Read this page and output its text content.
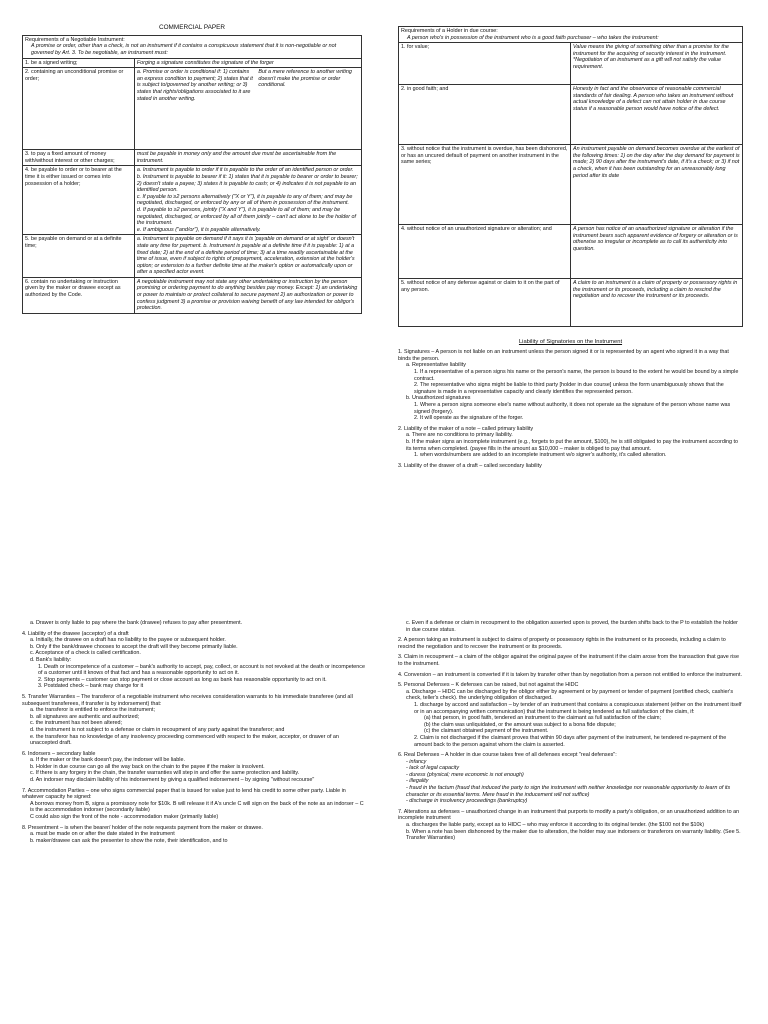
COMMERCIAL PAPER
Requirements of a Negotiable Instrument:
A promise or order, other than a check, is not an instrument if it contains a conspicuous statement that it is non-negotiable or not governed by Art. 3. To be negotiable, an instrument must:		

1. be a signed writing;	Forging a signature constitutes the signature of the forger	
2. containing an unconditional promise or order;	a. Promise or order is conditional if: 1) contains an express condition to payment; 2) states that it is subject to/governed by another writing; or 3) states that rights/obligations associated to it are stated in another writing.	But a mere reference to another writing doesn't make the promise or order conditional.
3. to pay a fixed amount of money with/without interest or other charges;	must be payable in money only and the amount due must be ascertainable from the instrument.	
4. be payable to order or to bearer at the time it is either issued or comes into possession of a holder;	a. Instrument is payable to order if it is payable to the order of an identified person or order.
b. Instrument is payable to bearer if it: 1) states that it is payable to bearer or order to bearer; 2) doesn't state a payee; 3) states it is payable to cash; or 4) indicates it is not payable to an identified person.
c. If payable to ≥2 persons alternatively ("X or Y"), it is payable to any of them; and may be negotiated, discharged, or enforced by any or all of them in possession of the instrument.
d. If payable to ≥2 persons, jointly ("X and Y"), it is payable to all of them; and may be negotiated, discharged, or enforced by all of them jointly – can't act alone to be the holder of the instrument.
e. If ambiguous ("and/or"), it is payable alternatively.	

5. be payable on demand or at a definite time;	a. Instrument is payable on demand if it says it is 'payable on demand or at sight' or doesn't state any time for payment. b. Instrument is payable at a definite time if it is payable: 1) at a fixed date; 2) at the end of a definite period of time; 3) at a time readily ascertainable at the time of issue, even if subject to rights of prepayment, acceleration, extension at the holder's option; or extension to a further definite time at the maker's option or automatically upon or after a specified actor event.	
6. contain no undertaking or instruction given by the maker or drawee except as authorized by the Code.	A negotiable instrument may not state any other undertaking or instruction by the person promising or ordering payment to do anything besides pay money. Except: 1) an undertaking or power to maintain or protect collateral to secure payment 2) an authorization or power to confess judgment 3) a promise or provision waiving benefit of any law intended for obligor's protection.	
Requirements of a Holder in due course:
A person who's in possession of the instrument who is a good faith purchaser – who takes the instrument:	

1. for value;	Value means the giving of something other than a promise for the instrument for the acquiring of security interest in the instrument. *Negotiation of an instrument as a gift will not satisfy the value requirement.
2. in good faith; and	Honesty in fact and the observance of reasonable commercial standards of fair dealing. A person who takes an instrument without actual knowledge of a defect can not attain holder in due course status if a reasonable person would have notice of the defect.
3. without notice that the instrument is overdue, has been dishonored, or has an uncured default of payment on another instrument in the same series;	An instrument payable on demand becomes overdue at the earliest of the following times: 1) on the day after the day demand for payment is made; 2) 90 days after the instrument's date, if it's a check; or 3) if not a check, when it has been outstanding for an unreasonably long period after its date
4. without notice of an unauthorized signature or alteration; and	A person has notice of an unauthorized signature or alteration if the instrument bears such apparent evidence of forgery or alteration or is otherwise so irregular or incomplete as to call its authenticity into question.
5. without notice of any defense against or claim to it on the part of any person.	A claim to an instrument is a claim of property or possessory rights in the instrument or its proceeds, including a claim to rescind the negotiation and to recover the instrument or its proceeds.
Liability of Signatories on the Instrument
1. Signatures – A person is not liable on an instrument unless the person signed it or is represented by an agent who signed it in a way that binds the person.
a. Representative liability
1. If a representative of a person signs his name or the person's name, the person is bound to the extent he would be bound by a simple contract.
2. The representative who signs might be liable to third party [holder in due course] unless the form unambiguously shows that the signature is made in a representative capacity and clearly identifies the represented person.
b. Unauthorized signatures
1. Where a person signs someone else's name without authority, it does not operate as the signature of the person whose name was signed (forgery).
2. It will operate as the signature of the forger.
2. Liability of the maker of a note – called primary liability
a. There are no conditions to primary liability.
b. If the maker signs an incomplete instrument (e.g., forgets to put the amount, $100), he is still obligated to pay the instrument according to its terms when completed. (payee fills in the amount as $10,000 – maker is obliged to pay that amount.
1. when words/numbers are added to an incomplete instrument w/o signer's authority, it's called alteration.
3. Liability of the drawer of a draft – called secondary liability
a. Drawer is only liable to pay where the bank (drawee) refuses to pay after presentment.
4. Liability of the drawee (acceptor) of a draft
a. Initially, the drawee on a draft has no liability to the payee or subsequent holder.
b. Only if the bank/drawee chooses to accept the draft will they become primarily liable.
c. Acceptance of a check is called certification.
d. Bank's liability:
1. Death or incompetence of a customer – bank's authority to accept, pay, collect, or account is not revoked at the death or incompetence of a customer until it knows of that fact and has a reasonable opportunity to act on it.
2. Stop payments – customer can stop payment or close account as long as bank has reasonable opportunity to act on it.
3. Postdated check – bank may charge for it
5. Transfer Warranties – The transferor of a negotiable instrument who receives consideration warrants to his immediate transferee (and all subsequent transferees, if transfer is by indorsement) that:
a. the transferor is entitled to enforce the instrument;
b. all signatures are authentic and authorized;
c. the instrument has not been altered;
d. the instrument is not subject to a defense or claim in recoupment of any party against the transferor; and
e. the transferor has no knowledge of any insolvency proceeding commenced with respect to the maker, acceptor, or drawer of an unaccepted draft.
6. Indorsers – secondary liable
a. If the maker or the bank doesn't pay, the indorser will be liable.
b. Holder in due course can go all the way back on the chain to the payee if the maker is insolvent.
c. If there is any forgery in the chain, the transfer warranties will step in and offer the same protection and liability.
d. An indorser may disclaim liability of his indorsement by giving a qualified indorsement – by signing "without recourse"
7. Accommodation Parties – one who signs commercial paper that is issued for value just to lend his credit to some other party. Liable in whatever capacity he signed:
A borrows money from B, signs a promissory note for $10k. B will release it if A's uncle C will sign on the back of the note as an indorser – C is the accommodation indorser (secondarily liable)
C could also sign the front of the note - accommodation maker (primarily liable)
8. Presentment – is when the bearer/ holder of the note requests payment from the maker or drawee.
a. must be made on or after the date stated in the instrument
b. maker/drawee can ask the presenter to show the note, their identification, and to
c. Even if a defense or claim in recoupment to the obligation asserted upon is proved, the burden shifts back to the P to establish the holder in due course status.
2. A person taking an instrument is subject to claims of property or possessory rights in the instrument or its proceeds, including a claim to rescind the negotiation and to recover the instrument or its proceeds.
3. Claim in recoupment – a claim of the obligor against the original payee of the instrument if the claim arose from the transaction that gave rise to the instrument.
4. Conversion – an instrument is converted if it is taken by transfer other than by negotiation from a person not entitled to enforce the instrument.
5. Personal Defenses – K defenses can be raised, but not against the HIDC
a. Discharge – HIDC can be discharged by the obligor either by agreement or by payment or tender of payment (certified check, cashier's check, teller's check). the underlying obligation of discharged.
1. discharge by accord and satisfaction – by tender of an instrument that contains a conspicuous statement (either on the instrument itself or in an accompanying written communication) that the instrument is being tendered as full satisfaction of the claim, if:
(a) that person, in good faith, tendered an instrument to the claimant as full satisfaction of the claim;
(b) the claim was unliquidated, or the amount was subject to a bona fide dispute;
(c) the claimant obtained payment of the instrument.
2. Claim is not discharged if the claimant proves that within 90 days after payment of the instrument, he tendered re-payment of the amount back to the person against whom the claim is asserted.
6. Real Defenses – A holder in due course takes free of all defenses except "real defenses":
- infancy
- lack of legal capacity
- duress (physical; mere economic is not enough)
- illegality
- fraud in the factum (fraud that induced the party to sign the instrument with neither knowledge nor reasonable opportunity to learn of its character or its essential terms. Mere fraud in the inducement will not suffice)
- discharge in insolvency proceedings (bankruptcy)
7. Alterations as defenses – unauthorized change in an instrument that purports to modify a party's obligation, or an unauthorized addition to an incomplete instrument
a. discharges the liable party, except as to HIDC – who may enforce it according to its original tender. (the $100 not the $10k)
b. When a note has been dishonored by the maker due to alteration, the holder may sue indorsers or transferors on warranty liability. (See 5. Transfer Warranties)
